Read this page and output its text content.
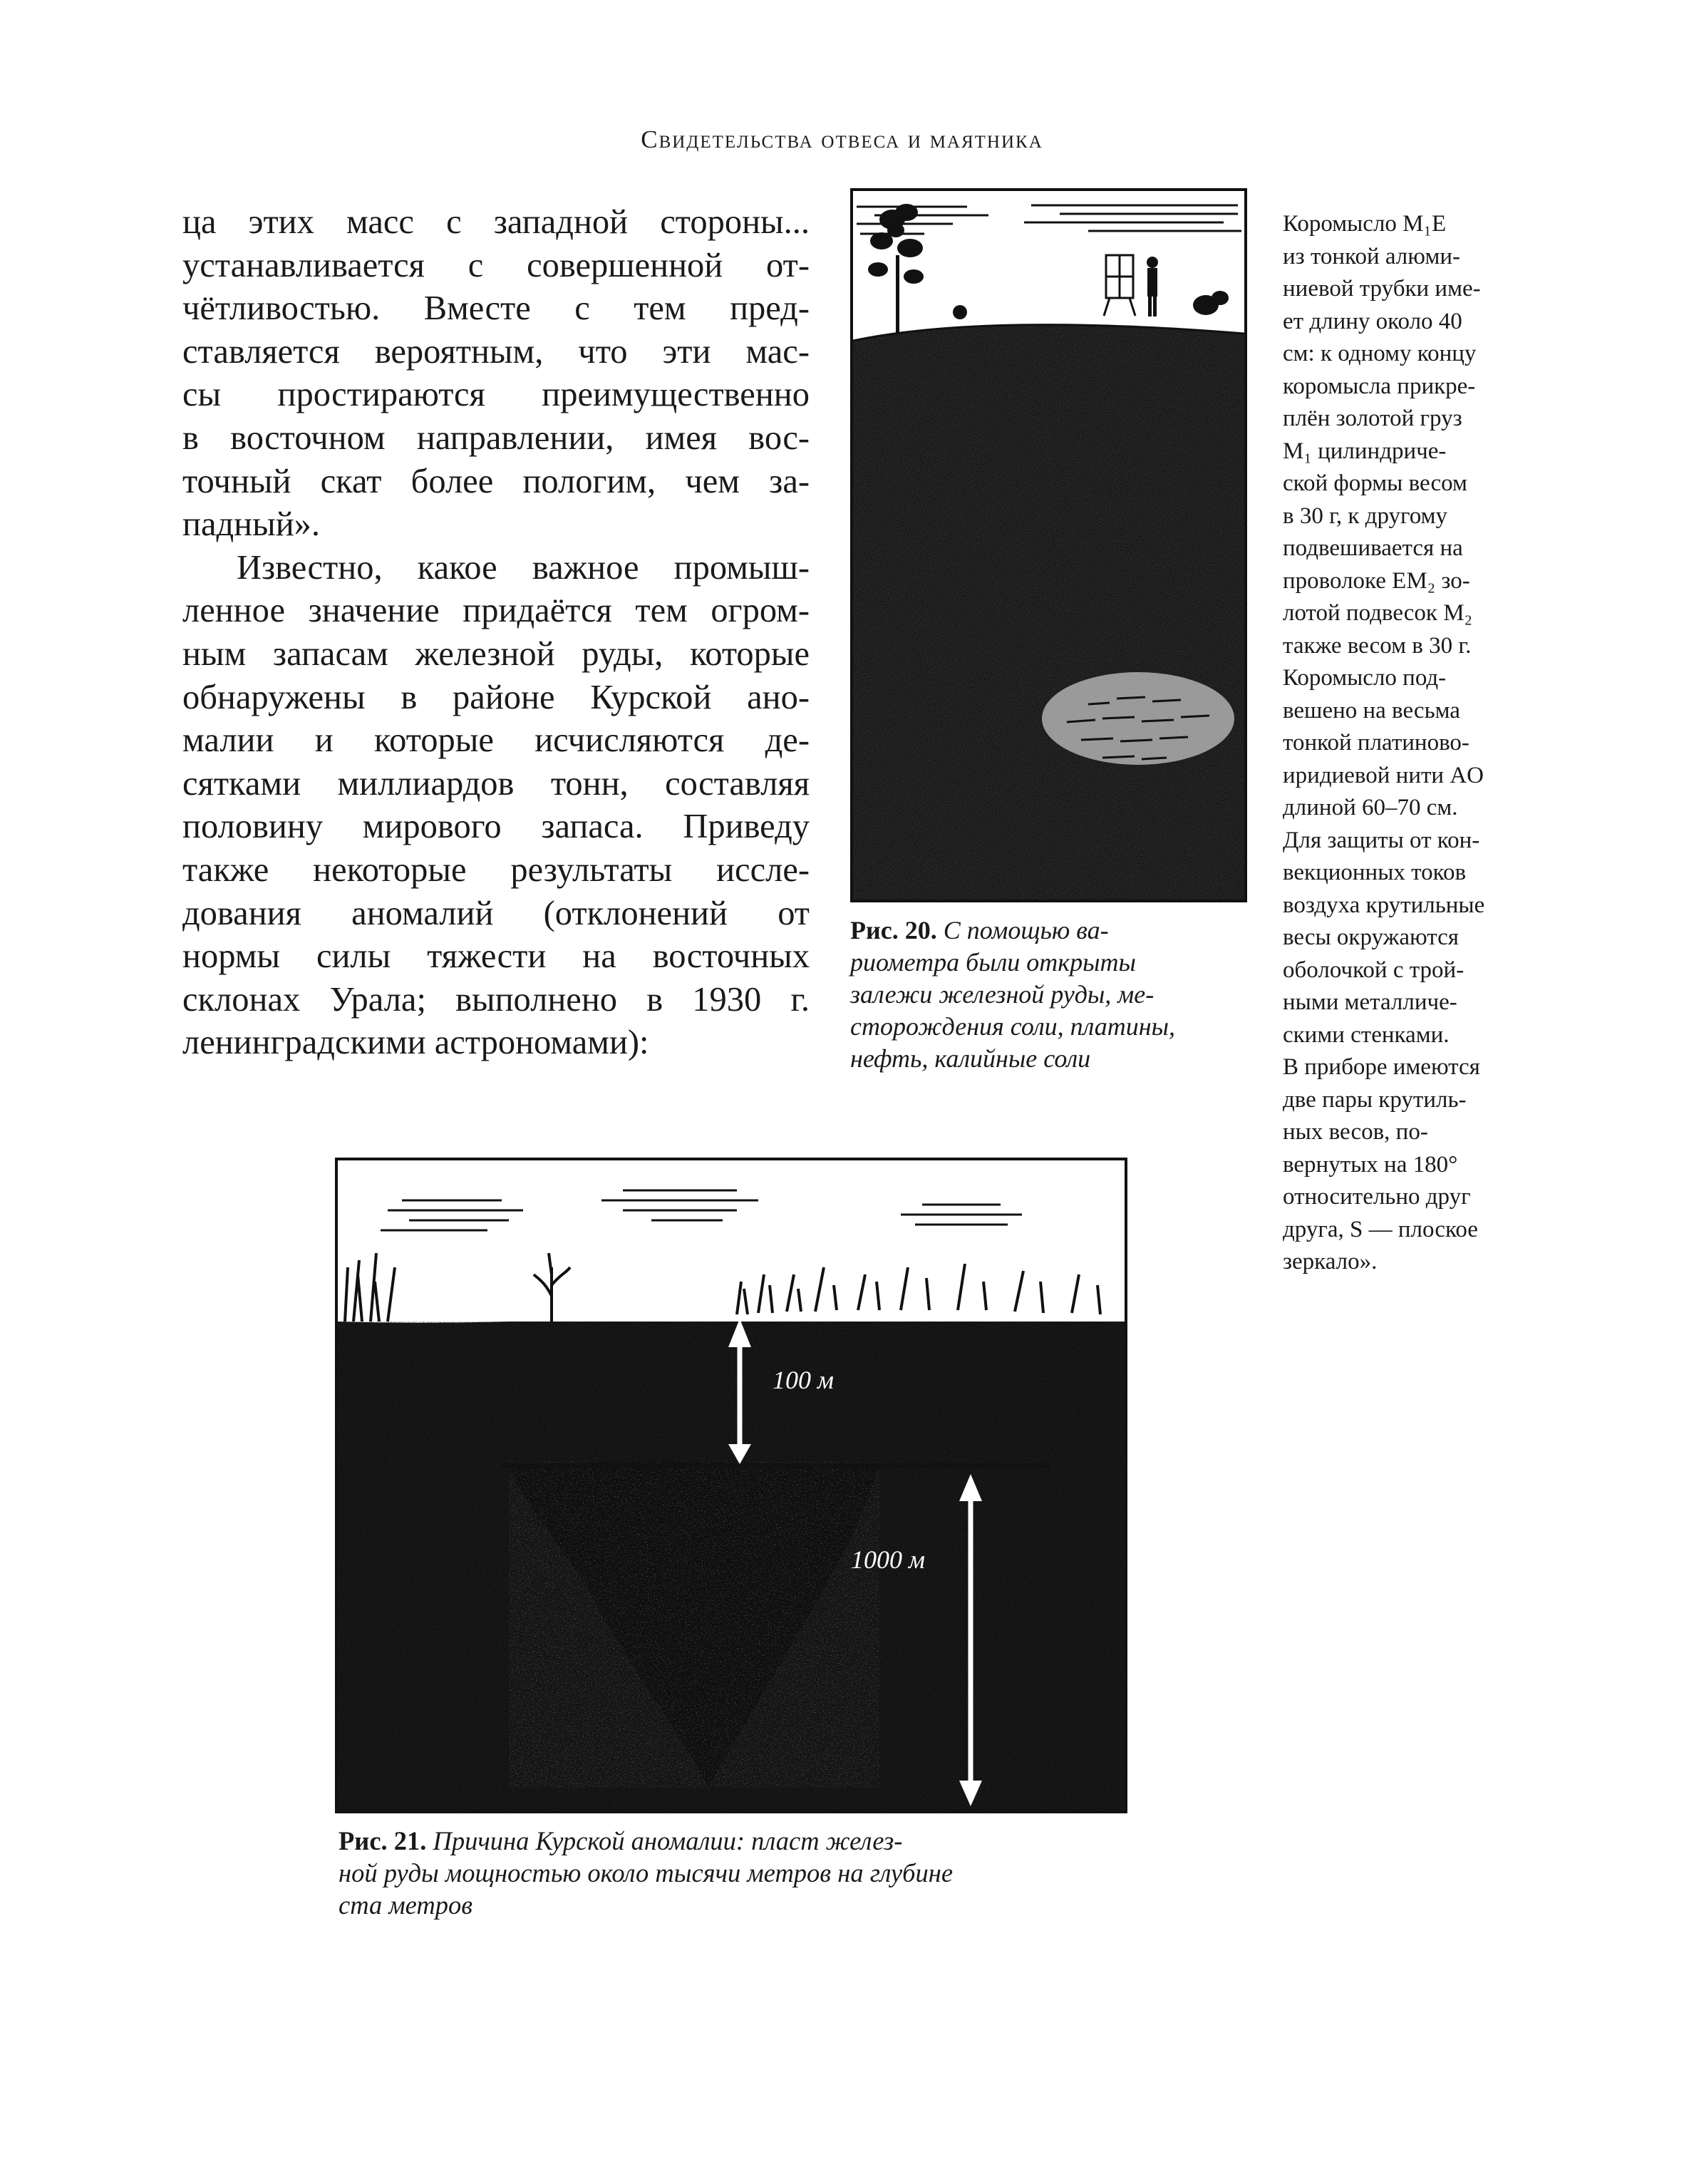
Свидетельства отвеса и маятника
ца этих масс с западной стороны...
устанавливается с совершенной от-
чётливостью. Вместе с тем пред-
ставляется вероятным, что эти мас-
сы простираются преимущественно
в восточном направлении, имея вос-
точный скат более пологим, чем за-
падный».
Известно, какое важное промыш-
ленное значение придаётся тем огром-
ным запасам железной руды, которые
обнаружены в районе Курской ано-
малии и которые исчисляются де-
сятками миллиардов тонн, составляя
половину мирового запаса. Приведу
также некоторые результаты иссле-
дования аномалий (отклонений от
нормы силы тяжести на восточных
склонах Урала; выполнено в 1930 г.
ленинградскими астрономами):
Рис. 20. С помощью ва-
риометра были открыты
залежи железной руды, ме-
сторождения соли, платины,
нефть, калийные соли
Коромысло M₁E
из тонкой алюми-
ниевой трубки име-
ет длину около 40
см: к одному концу
коромысла прикре-
плён золотой груз
M₁ цилиндриче-
ской формы весом
в 30 г, к другому
подвешивается на
проволоке EM₂ зо-
лотой подвесок M₂
также весом в 30 г.
Коромысло под-
вешено на весьма
тонкой платиново-
иридиевой нити AO
длиной 60–70 см.
Для защиты от кон-
векционных токов
воздуха крутильные
весы окружаются
оболочкой с трой-
ными металличе-
скими стенками.
В приборе имеются
две пары крутиль-
ных весов, по-
вернутых на 180°
относительно друг
друга, S — плоское
зеркало».
100 м
1000 м
Рис. 21. Причина Курской аномалии: пласт желез-
ной руды мощностью около тысячи метров на глубине
ста метров
